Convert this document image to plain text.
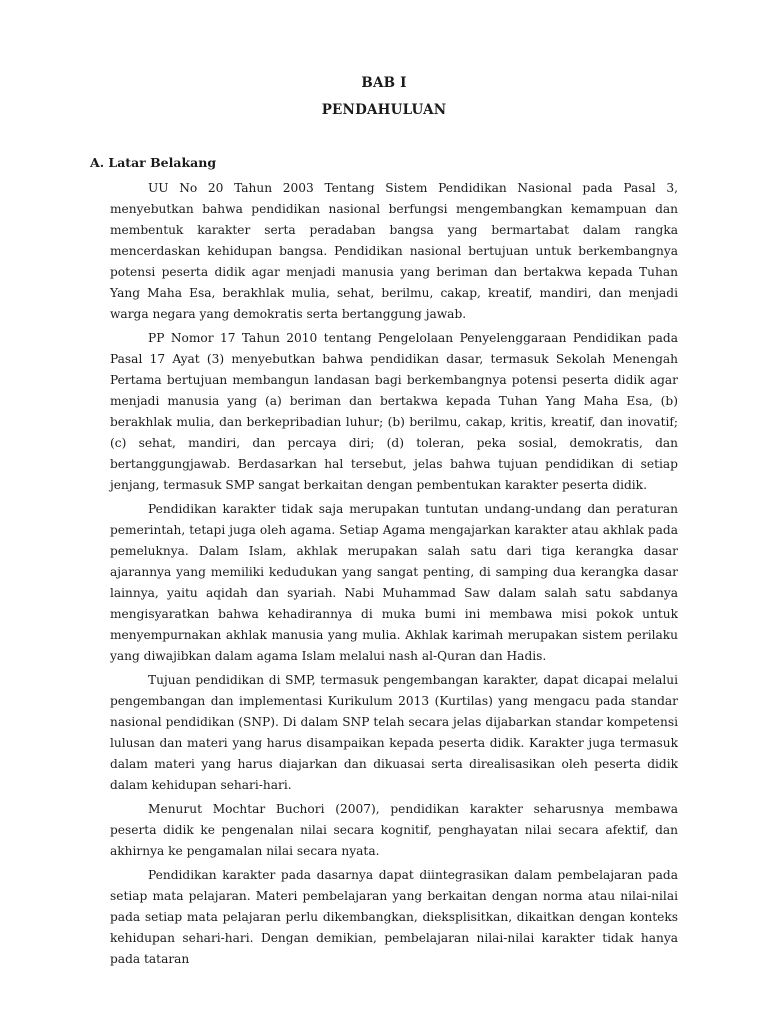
BAB I
PENDAHULUAN
A. Latar Belakang

UU No 20 Tahun 2003 Tentang Sistem Pendidikan Nasional pada Pasal 3, menyebutkan bahwa pendidikan nasional berfungsi mengembangkan kemampuan dan membentuk karakter serta peradaban bangsa yang bermartabat dalam rangka mencerdaskan kehidupan bangsa. Pendidikan nasional bertujuan untuk berkembangnya potensi peserta didik agar menjadi manusia yang beriman dan bertakwa kepada Tuhan Yang Maha Esa, berakhlak mulia, sehat, berilmu, cakap, kreatif, mandiri, dan menjadi warga negara yang demokratis serta bertanggung jawab.

PP Nomor 17 Tahun 2010 tentang Pengelolaan Penyelenggaraan Pendidikan pada Pasal 17 Ayat (3) menyebutkan bahwa pendidikan dasar, termasuk Sekolah Menengah Pertama bertujuan membangun landasan bagi berkembangnya potensi peserta didik agar menjadi manusia yang (a) beriman dan bertakwa kepada Tuhan Yang Maha Esa, (b) berakhlak mulia, dan berkepribadian luhur; (b) berilmu, cakap, kritis, kreatif, dan inovatif; (c) sehat, mandiri, dan percaya diri; (d) toleran, peka sosial, demokratis, dan bertanggungjawab. Berdasarkan hal tersebut, jelas bahwa tujuan pendidikan di setiap jenjang, termasuk SMP sangat berkaitan dengan pembentukan karakter peserta didik.

Pendidikan karakter tidak saja merupakan tuntutan undang-undang dan peraturan pemerintah, tetapi juga oleh agama. Setiap Agama mengajarkan karakter atau akhlak pada pemeluknya. Dalam Islam, akhlak merupakan salah satu dari tiga kerangka dasar ajarannya yang memiliki kedudukan yang sangat penting, di samping dua kerangka dasar lainnya, yaitu aqidah dan syariah. Nabi Muhammad Saw dalam salah satu sabdanya mengisyaratkan bahwa kehadirannya di muka bumi ini membawa misi pokok untuk menyempurnakan akhlak manusia yang mulia. Akhlak karimah merupakan sistem perilaku yang diwajibkan dalam agama Islam melalui nash al-Quran dan Hadis.

Tujuan pendidikan di SMP, termasuk pengembangan karakter, dapat dicapai melalui pengembangan dan implementasi Kurikulum 2013 (Kurtilas) yang mengacu pada standar nasional pendidikan (SNP). Di dalam SNP telah secara jelas dijabarkan standar kompetensi lulusan dan materi yang harus disampaikan kepada peserta didik. Karakter juga termasuk dalam materi yang harus diajarkan dan dikuasai serta direalisasikan oleh peserta didik dalam kehidupan sehari-hari.

Menurut Mochtar Buchori (2007), pendidikan karakter seharusnya membawa peserta didik ke pengenalan nilai secara kognitif, penghayatan nilai secara afektif, dan akhirnya ke pengamalan nilai secara nyata.

Pendidikan karakter pada dasarnya dapat diintegrasikan dalam pembelajaran pada setiap mata pelajaran. Materi pembelajaran yang berkaitan dengan norma atau nilai-nilai pada setiap mata pelajaran perlu dikembangkan, dieksplisitkan, dikaitkan dengan konteks kehidupan sehari-hari. Dengan demikian, pembelajaran nilai-nilai karakter tidak hanya pada tataran
